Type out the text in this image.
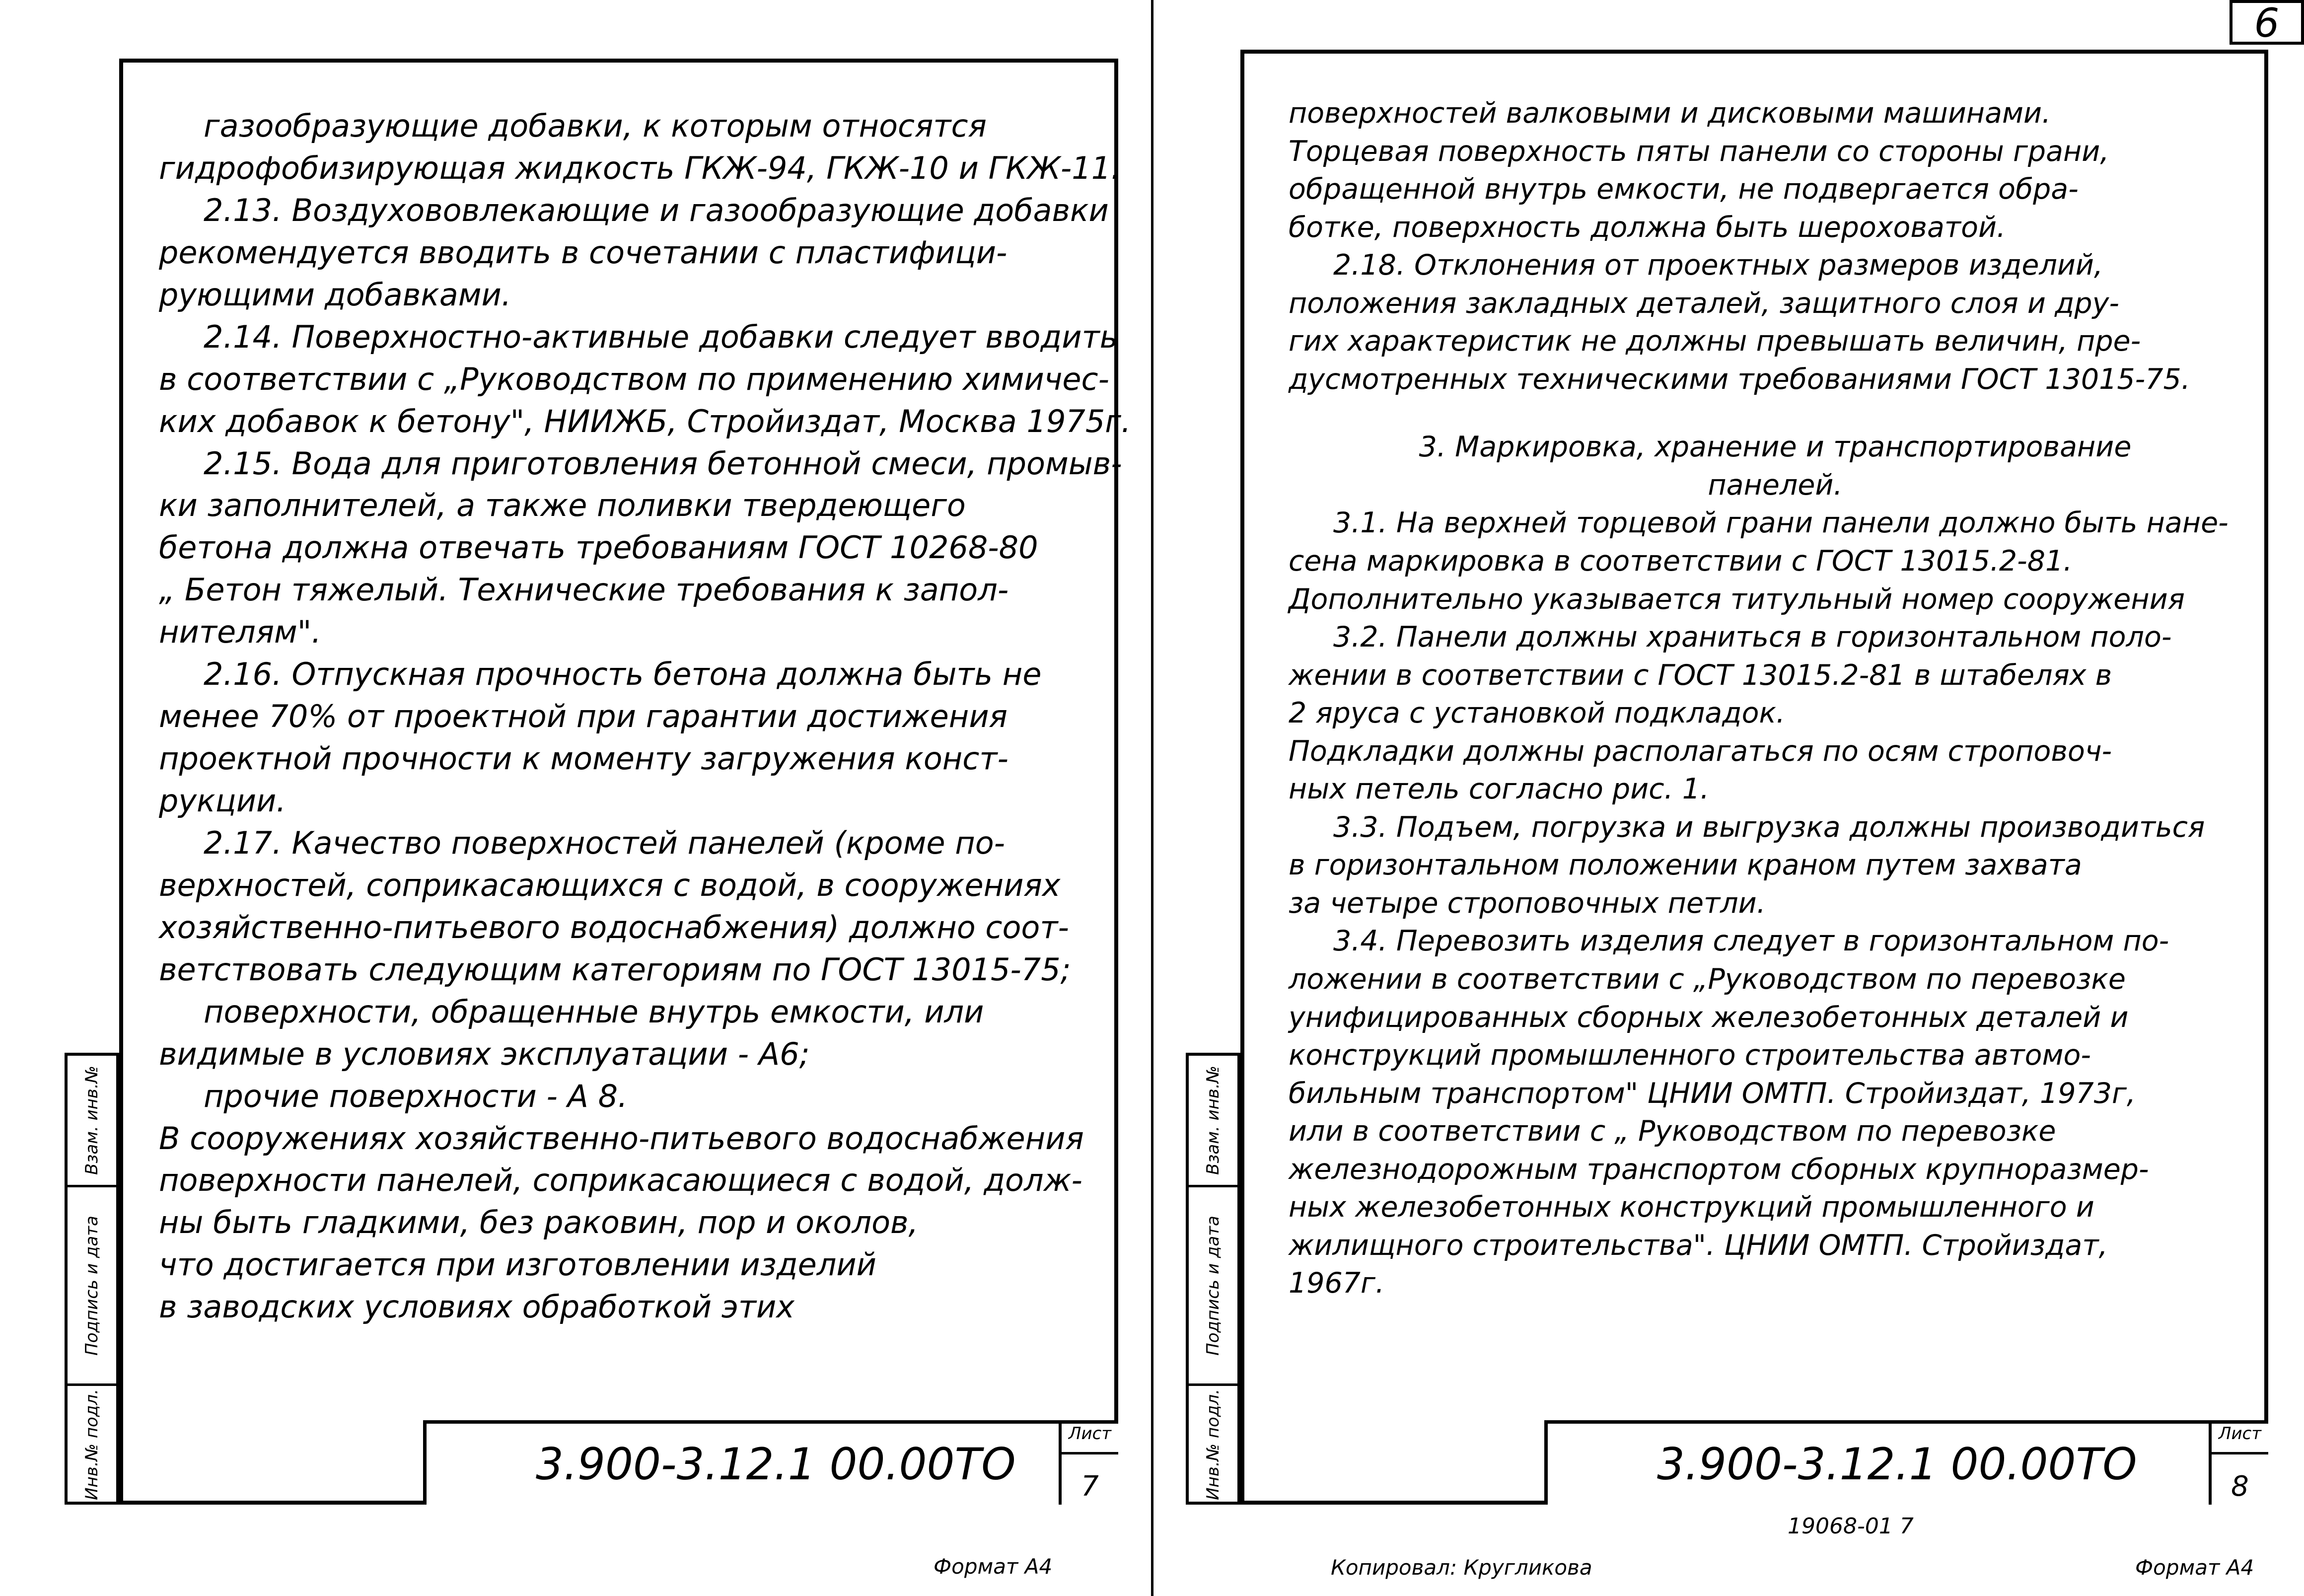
6
Взам. инв.№
Подпись и дата
Инв.№ подл.

газообразующие добавки, к которым относятся

гидрофобизирующая жидкость ГКЖ-94, ГКЖ-10 и ГКЖ-11.

2.13. Воздухововлекающие и газообразующие добавки

рекомендуется вводить в сочетании с пластифици-

рующими добавками.

2.14. Поверхностно-активные добавки следует вводить

в соответствии с „Руководством по применению химичес-

ких добавок к бетону", НИИЖБ, Стройиздат, Москва 1975г.

2.15. Вода для приготовления бетонной смеси, промыв-

ки заполнителей, а также поливки твердеющего

бетона должна отвечать требованиям ГОСТ 10268-80

„ Бетон тяжелый. Технические требования к запол-

нителям".

2.16. Отпускная прочность бетона должна быть не

менее 70% от проектной при гарантии достижения

проектной прочности к моменту загружения конст-

рукции.

2.17. Качество поверхностей панелей (кроме по-

верхностей, соприкасающихся с водой, в сооружениях

хозяйственно-питьевого водоснабжения) должно соот-

ветствовать следующим категориям по ГОСТ 13015-75;

поверхности, обращенные внутрь емкости, или

видимые в условиях эксплуатации - А6;

прочие поверхности - А 8.

В сооружениях хозяйственно-питьевого водоснабжения

поверхности панелей, соприкасающиеся с водой, долж-

ны быть гладкими, без раковин, пор и околов,

что достигается при изготовлении изделий

в заводских условиях обработкой этих

3.900-3.12.1 00.00ТО
Лист
7
Формат А4
Взам. инв.№
Подпись и дата
Инв.№ подл.

поверхностей валковыми и дисковыми машинами.

Торцевая поверхность пяты панели со стороны грани,

обращенной внутрь емкости, не подвергается обра-

ботке, поверхность должна быть шероховатой.

2.18. Отклонения от проектных размеров изделий,

положения закладных деталей, защитного слоя и дру-

гих характеристик не должны превышать величин, пре-

дусмотренных техническими требованиями ГОСТ 13015-75.

3. Маркировка, хранение и транспортирование

панелей.

3.1. На верхней торцевой грани панели должно быть нане-

сена маркировка в соответствии с ГОСТ 13015.2-81.

Дополнительно указывается титульный номер сооружения

3.2. Панели должны храниться в горизонтальном поло-

жении в соответствии с ГОСТ 13015.2-81 в штабелях в

2 яруса с установкой подкладок.

Подкладки должны располагаться по осям строповоч-

ных петель согласно рис. 1.

3.3. Подъем, погрузка и выгрузка должны производиться

в горизонтальном положении краном путем захвата

за четыре строповочных петли.

3.4. Перевозить изделия следует в горизонтальном по-

ложении в соответствии с „Руководством по перевозке

унифицированных сборных железобетонных деталей и

конструкций промышленного строительства автомо-

бильным транспортом" ЦНИИ ОМТП. Стройиздат, 1973г,

или в соответствии с „ Руководством по перевозке

железнодорожным транспортом сборных крупноразмер-

ных железобетонных конструкций промышленного и

жилищного строительства". ЦНИИ ОМТП. Стройиздат,

1967г.

3.900-3.12.1 00.00ТО
Лист
8
19068-01 7
Копировал: Кругликова	Формат А4
